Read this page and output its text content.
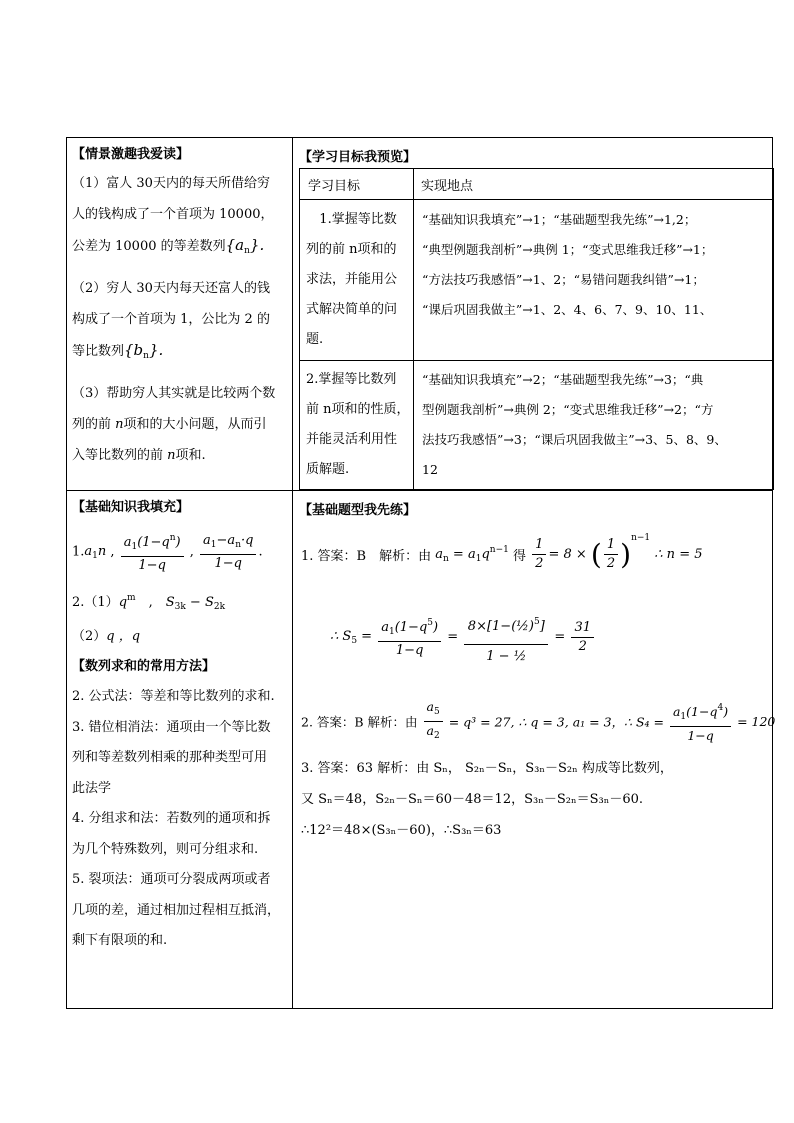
【情景激趣我爱读】
（1）富人 30天内的每天所借给穷
人的钱构成了一个首项为 10000，
公差为 10000 的等差数列$\{a_n\}$.
（2）穷人 30天内每天还富人的钱
构成了一个首项为 1，公比为 2 的
等比数列$\{b_n\}$.
（3）帮助穷人其实就是比较两个数
列的前 n项和的大小问题，从而引
入等比数列的前 n项和.
【学习目标我预览】
学习目标	实现地点
1.掌握等比数
列的前 n项和的
求法，并能用公
式解决简单的问
题.
“基础知识我填充”→1；“基础题型我先练”→1,2；
“典型例题我剖析”→典例 1；“变式思维我迁移”→1；
“方法技巧我感悟”→1、2；“易错问题我纠错”→1；
“课后巩固我做主”→1、2、4、6、7、9、10、11、
2.掌握等比数列
前 n项和的性质，
并能灵活利用性
质解题.
“基础知识我填充”→2；“基础题型我先练”→3；“典
型例题我剖析”→典例 2；“变式思维我迁移”→2；“方
法技巧我感悟”→3；“课后巩固我做主”→3、5、8、9、
12
【基础知识我填充】
$1.a_1n$ , $\frac{a_1(1-q^n)}{1-q}$ , $\frac{a_1-a_n\cdot q}{1-q}$ .
$2.(1)q^m$　,　$S_{3k} - S_{2k}$
（2）q ，q
【数列求和的常用方法】
2. 公式法：等差和等比数列的求和.
3. 错位相消法：通项由一个等比数
列和等差数列相乘的那种类型可用
此法学
4. 分组求和法：若数列的通项和拆
为几个特殊数列，则可分组求和.
5. 裂项法：通项可分裂成两项或者
几项的差，通过相加过程相互抵消，
剩下有限项的和.
【基础题型我先练】
1. 答案：B　解析：由 $a_n = a_1q^{n-1}$ 得 $\frac{1}{2} = 8$ × ( $\frac{1}{2} )^{n-1}$ ∴ n = 5
∴ $S_5 = \frac{a_1(1-q^5)}{1-q} = \frac{8\times[1-(\frac{1}{2})^5]}{\text{1 − ½}} = \frac{31}{2}$
2. 答案：B 解析：由 $\frac{a_5}{a_2} = q^3 = 27$, ∴ q = 3, a₁ = 3，∴ $S_4 = \frac{a_1(1-q^4)}{1-q} = 120$
3. 答案：63 解析：由 Sₙ， S₂ₙ－Sₙ，S₃ₙ－S₂ₙ 构成等比数列，
又 Sₙ＝48，S₂ₙ－Sₙ＝60－48＝12，S₃ₙ－S₂ₙ＝S₃ₙ－60.
∴12²＝48×(S₃ₙ－60)，∴S₃ₙ＝63
